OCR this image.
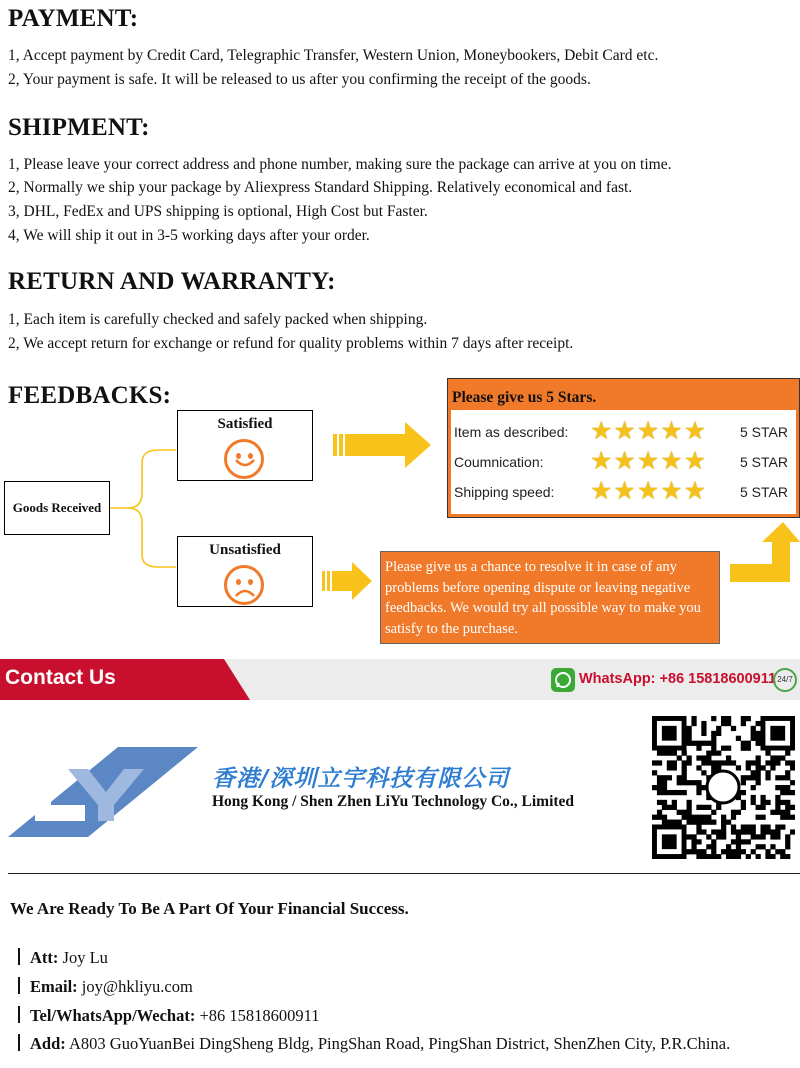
PAYMENT:
1, Accept payment by Credit Card, Telegraphic Transfer, Western Union, Moneybookers, Debit Card etc.
2, Your payment is safe. It will be released to us after you confirming the receipt of the goods.
SHIPMENT:
1, Please leave your correct address and phone number, making sure the package can arrive at you on time.
2, Normally we ship your package by Aliexpress Standard Shipping. Relatively economical and fast.
3, DHL, FedEx and UPS shipping is optional, High Cost but Faster.
4, We will ship it out in 3-5 working days after your order.
RETURN AND WARRANTY:
1, Each item is carefully checked and safely packed when shipping.
2, We accept return for exchange or refund for quality problems within 7 days after receipt.
FEEDBACKS:
Goods Received
Satisfied
Unsatisfied
Please give us 5 Stars.
Item as described: ★★★★★ 5 STAR
Coumnication: ★★★★★ 5 STAR
Shipping speed: ★★★★★ 5 STAR
Please give us a chance to resolve it in case of any problems before opening dispute or leaving negative feedbacks. We would try all possible way to make you satisfy to the purchase.
Contact Us	WhatsApp: +86 15818600911 24/7
香港/深圳立宇科技有限公司
Hong Kong / Shen Zhen LiYu Technology Co., Limited
We Are Ready To Be A Part Of Your Financial Success.
Att: Joy Lu
Email: joy@hkliyu.com
Tel/WhatsApp/Wechat: +86 15818600911
Add: A803 GuoYuanBei DingSheng Bldg, PingShan Road, PingShan District, ShenZhen City, P.R.China.
